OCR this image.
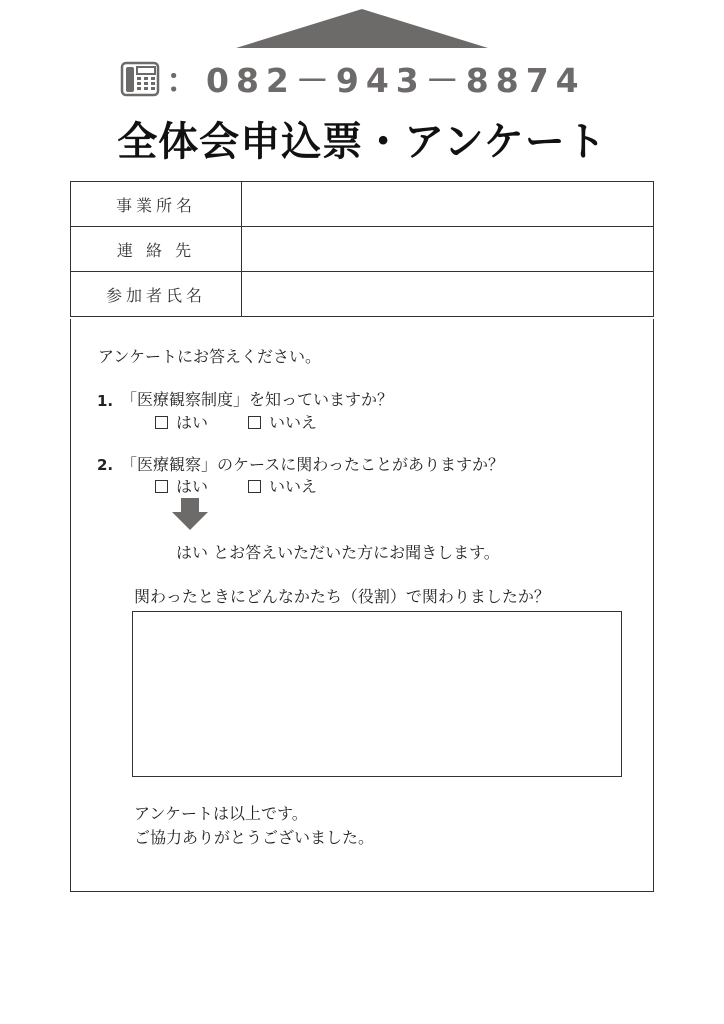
：082－943－8874
全体会申込票・アンケート
事業所名	
連 絡 先	
参加者氏名	
アンケートにお答えください。
1. 「医療観察制度」を知っていますか？
はい	いいえ
2. 「医療観察」のケースに関わったことがありますか？
はい	いいえ
はい とお答えいただいた方にお聞きします。
関わったときにどんなかたち（役割）で関わりましたか？
アンケートは以上です。
ご協力ありがとうございました。
